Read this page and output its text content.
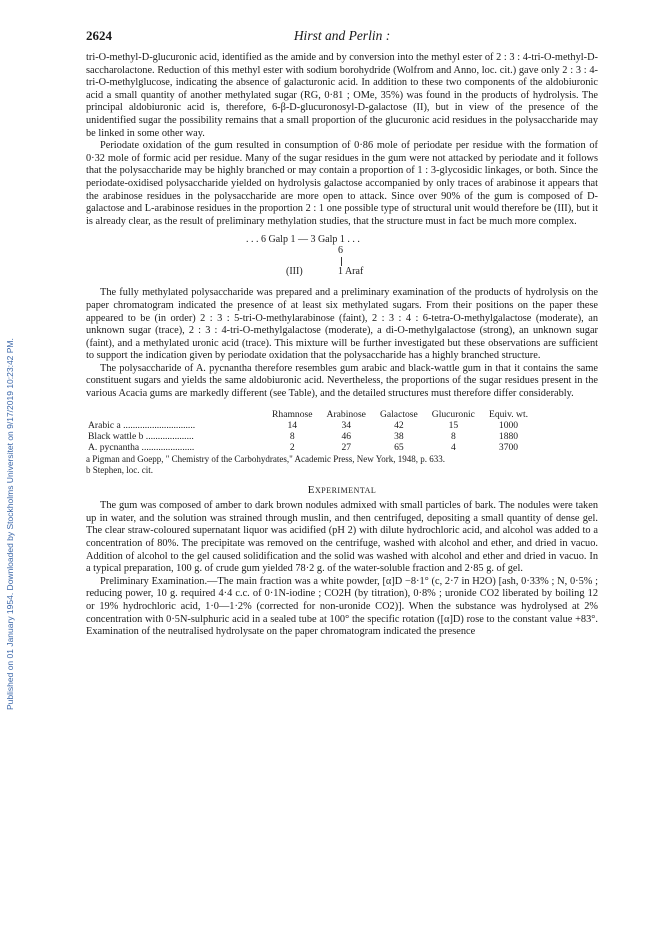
Published on 01 January 1954. Downloaded by Stockholms Universitet on 9/17/2019 10:23:42 PM.
2624	Hirst and Perlin :

tri-O-methyl-D-glucuronic acid, identified as the amide and by conversion into the methyl ester of 2 : 3 : 4-tri-O-methyl-D-saccharolactone. Reduction of this methyl ester with sodium borohydride (Wolfrom and Anno, loc. cit.) gave only 2 : 3 : 4-tri-O-methylglucose, indicating the absence of galacturonic acid. In addition to these two components of the aldobiuronic acid a small quantity of another methylated sugar (RG, 0·81 ; OMe, 35%) was found in the products of hydrolysis. The principal aldobiuronic acid is, therefore, 6-β-D-glucuronosyl-D-galactose (II), but in view of the presence of the unidentified sugar the possibility remains that a small proportion of the glucuronic acid residues in the polysaccharide may be linked in some other way.

Periodate oxidation of the gum resulted in consumption of 0·86 mole of periodate per residue with the formation of 0·32 mole of formic acid per residue. Many of the sugar residues in the gum were not attacked by periodate and it follows that the polysaccharide may be highly branched or may contain a proportion of 1 : 3-glycosidic linkages, or both. Since the periodate-oxidised polysaccharide yielded on hydrolysis galactose accompanied by only traces of arabinose it appears that the arabinose residues in the polysaccharide are more open to attack. Since over 90% of the gum is composed of D-galactose and L-arabinose residues in the proportion 2 : 1 one possible type of structural unit would therefore be (III), but it is already clear, as the result of preliminary methylation studies, that the structure must in fact be much more complex.

. . . 6 Galp 1 — 3 Galp 1 . . .
6
(III)	1 Araf

The fully methylated polysaccharide was prepared and a preliminary examination of the products of hydrolysis on the paper chromatogram indicated the presence of at least six methylated sugars. From their positions on the paper these appeared to be (in order) 2 : 3 : 5-tri-O-methylarabinose (faint), 2 : 3 : 4 : 6-tetra-O-methylgalactose (moderate), an unknown sugar (trace), 2 : 3 : 4-tri-O-methylgalactose (moderate), a di-O-methylgalactose (strong), an unknown sugar (faint), and a methylated uronic acid (trace). This mixture will be further investigated but these observations are sufficient to support the indication given by periodate oxidation that the polysaccharide has a highly branched structure.

The polysaccharide of A. pycnantha therefore resembles gum arabic and black-wattle gum in that it contains the same constituent sugars and yields the same aldobiuronic acid. Nevertheless, the proportions of the sugar residues present in the various Acacia gums are markedly different (see Table), and the detailed structures must therefore differ considerably.

	Rhamnose	Arabinose	Galactose	Glucuronic	Equiv. wt.
Arabic a ..............................	14	34	42	15	1000
Black wattle b ....................	8	46	38	8	1880
A. pycnantha ......................	2	27	65	4	3700
a Pigman and Goepp, " Chemistry of the Carbohydrates," Academic Press, New York, 1948, p. 633.
b Stephen, loc. cit.
Experimental

The gum was composed of amber to dark brown nodules admixed with small particles of bark. The nodules were taken up in water, and the solution was strained through muslin, and then centrifuged, depositing a small quantity of dense gel. The clear straw-coloured supernatant liquor was acidified (pH 2) with dilute hydrochloric acid, and alcohol was added to a concentration of 80%. The precipitate was removed on the centrifuge, washed with alcohol and ether, and dried in vacuo. Addition of alcohol to the gel caused solidification and the solid was washed with alcohol and ether and dried in vacuo. In a typical preparation, 100 g. of crude gum yielded 78·2 g. of the water-soluble fraction and 2·85 g. of gel.

Preliminary Examination.—The main fraction was a white powder, [α]D −8·1° (c, 2·7 in H2O) [ash, 0·33% ; N, 0·5% ; reducing power, 10 g. required 4·4 c.c. of 0·1N-iodine ; CO2H (by titration), 0·8% ; uronide CO2 liberated by boiling 12 or 19% hydrochloric acid, 1·0—1·2% (corrected for non-uronide CO2)]. When the substance was hydrolysed at 2% concentration with 0·5N-sulphuric acid in a sealed tube at 100° the specific rotation ([α]D) rose to the constant value +83°. Examination of the neutralised hydrolysate on the paper chromatogram indicated the presence
